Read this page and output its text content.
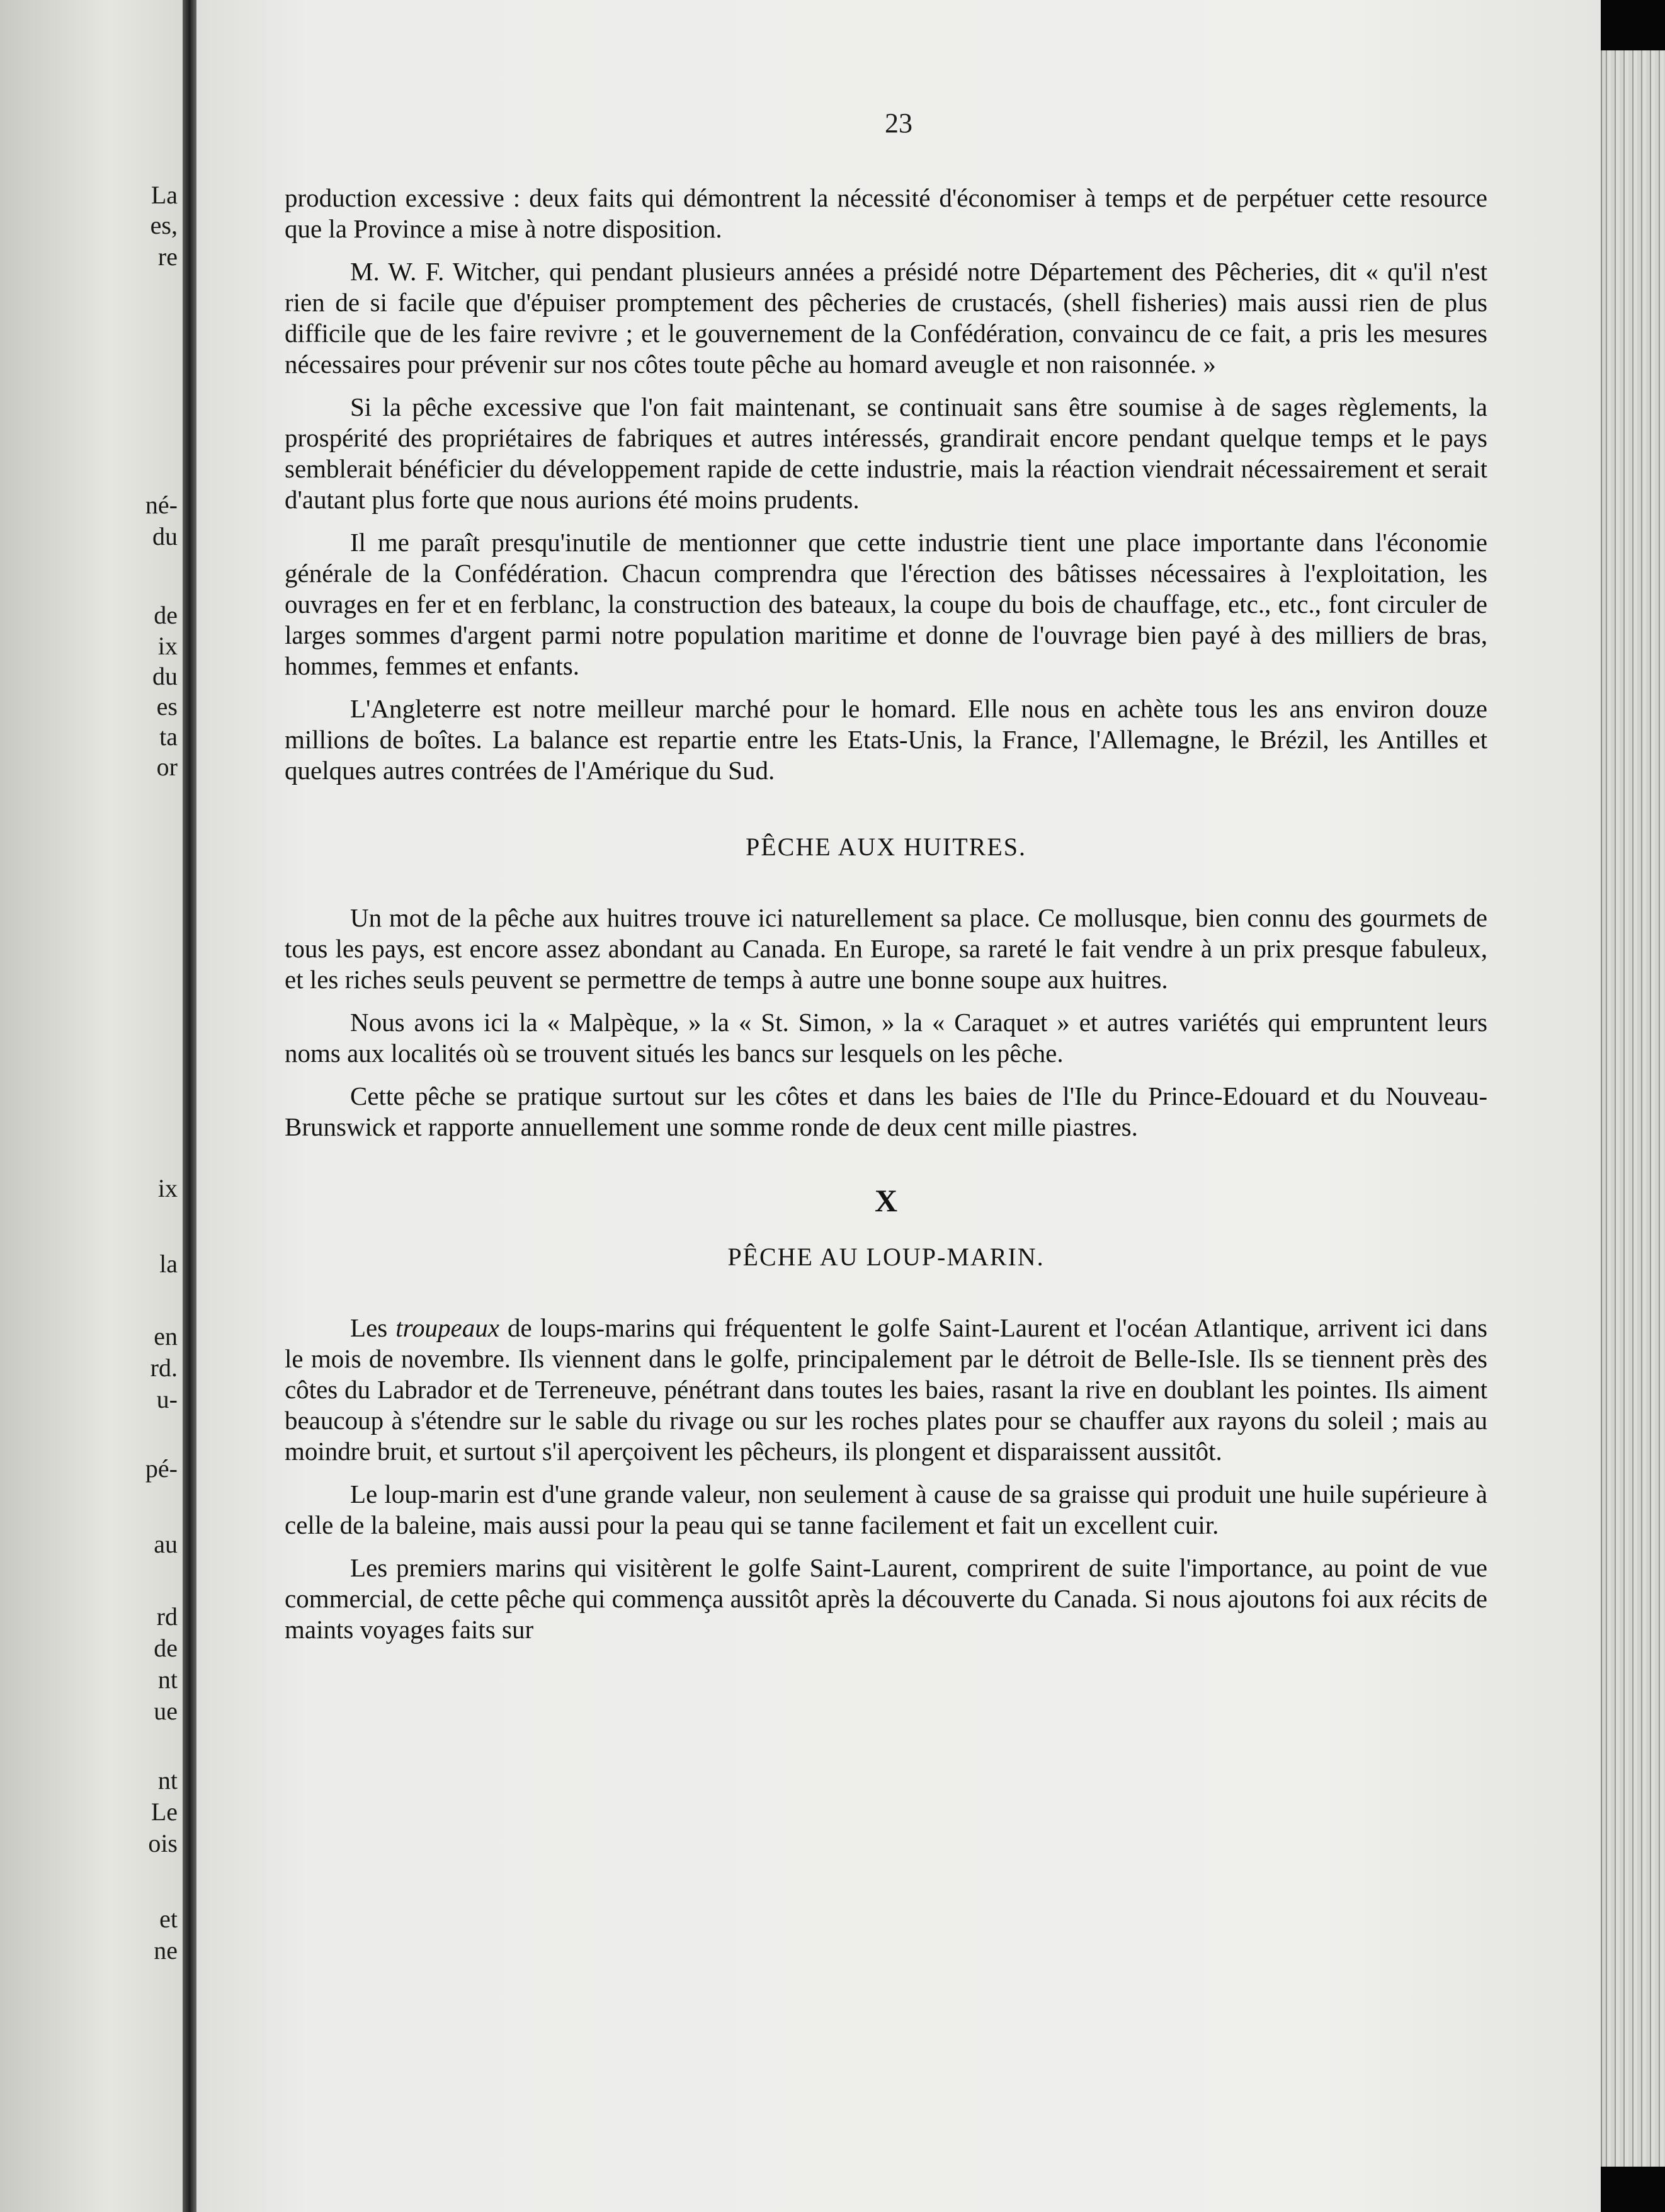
La
es,
re
né-
du
de
ix
du
es
ta
or
ix
la
en
rd.
u-
pé-
au
rd
de
nt
ue
nt
Le
ois
et
ne
23

production excessive : deux faits qui démontrent la nécessité d'économiser à temps et de perpétuer cette resource que la Province a mise à notre disposition.

M. W. F. Witcher, qui pendant plusieurs années a présidé notre Département des Pêcheries, dit « qu'il n'est rien de si facile que d'épuiser promptement des pêcheries de crustacés, (shell fisheries) mais aussi rien de plus difficile que de les faire revivre ; et le gouvernement de la Confédération, convaincu de ce fait, a pris les mesures nécessaires pour prévenir sur nos côtes toute pêche au homard aveugle et non raisonnée. »

Si la pêche excessive que l'on fait maintenant, se continuait sans être soumise à de sages règlements, la prospérité des propriétaires de fabriques et autres intéressés, grandirait encore pendant quelque temps et le pays semblerait bénéficier du développement rapide de cette industrie, mais la réaction viendrait nécessairement et serait d'autant plus forte que nous aurions été moins prudents.

Il me paraît presqu'inutile de mentionner que cette industrie tient une place importante dans l'économie générale de la Confédération. Chacun comprendra que l'érection des bâtisses nécessaires à l'exploitation, les ouvrages en fer et en ferblanc, la construction des bateaux, la coupe du bois de chauffage, etc., etc., font circuler de larges sommes d'argent parmi notre population maritime et donne de l'ouvrage bien payé à des milliers de bras, hommes, femmes et enfants.

L'Angleterre est notre meilleur marché pour le homard. Elle nous en achète tous les ans environ douze millions de boîtes. La balance est repartie entre les Etats-Unis, la France, l'Allemagne, le Brézil, les Antilles et quelques autres contrées de l'Amérique du Sud.

PÊCHE AUX HUITRES.

Un mot de la pêche aux huitres trouve ici naturellement sa place. Ce mollusque, bien connu des gourmets de tous les pays, est encore assez abondant au Canada. En Europe, sa rareté le fait vendre à un prix presque fabuleux, et les riches seuls peuvent se permettre de temps à autre une bonne soupe aux huitres.

Nous avons ici la « Malpèque, » la « St. Simon, » la « Caraquet » et autres variétés qui empruntent leurs noms aux localités où se trouvent situés les bancs sur lesquels on les pêche.

Cette pêche se pratique surtout sur les côtes et dans les baies de l'Ile du Prince-Edouard et du Nouveau-Brunswick et rapporte annuellement une somme ronde de deux cent mille piastres.

X
PÊCHE AU LOUP-MARIN.

Les troupeaux de loups-marins qui fréquentent le golfe Saint-Laurent et l'océan Atlantique, arrivent ici dans le mois de novembre. Ils viennent dans le golfe, principalement par le détroit de Belle-Isle. Ils se tiennent près des côtes du Labrador et de Terreneuve, pénétrant dans toutes les baies, rasant la rive en doublant les pointes. Ils aiment beaucoup à s'étendre sur le sable du rivage ou sur les roches plates pour se chauffer aux rayons du soleil ; mais au moindre bruit, et surtout s'il aperçoivent les pêcheurs, ils plongent et disparaissent aussitôt.

Le loup-marin est d'une grande valeur, non seulement à cause de sa graisse qui produit une huile supérieure à celle de la baleine, mais aussi pour la peau qui se tanne facilement et fait un excellent cuir.

Les premiers marins qui visitèrent le golfe Saint-Laurent, comprirent de suite l'importance, au point de vue commercial, de cette pêche qui commença aussitôt après la découverte du Canada. Si nous ajoutons foi aux récits de maints voyages faits sur
